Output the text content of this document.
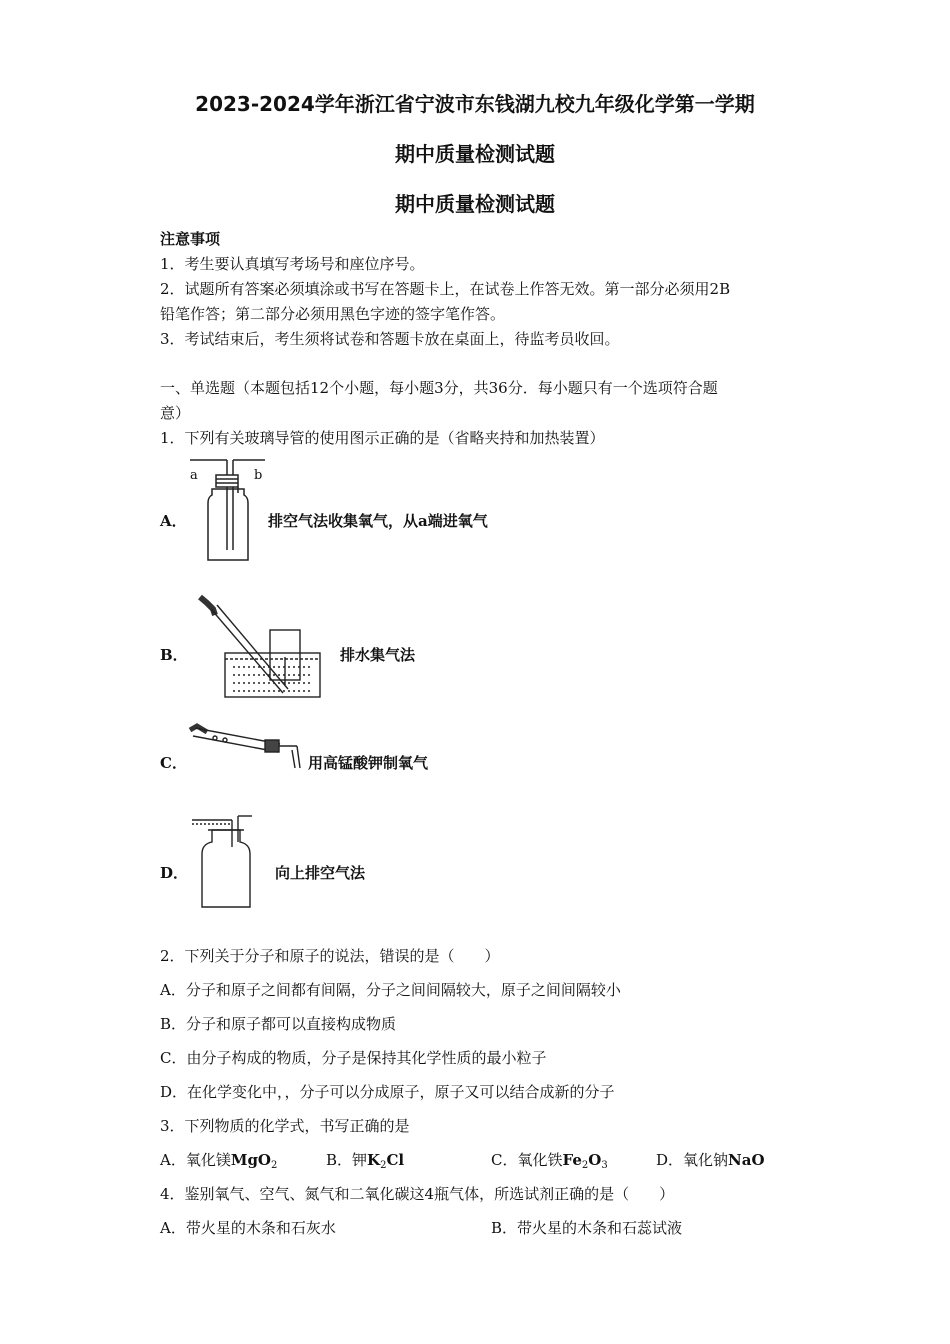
2023-2024学年浙江省宁波市东钱湖九校九年级化学第一学期
期中质量检测试题
期中质量检测试题
注意事项
1．考生要认真填写考场号和座位序号。
2．试题所有答案必须填涂或书写在答题卡上，在试卷上作答无效。第一部分必须用2B
铅笔作答；第二部分必须用黑色字迹的签字笔作答。
3．考试结束后，考生须将试卷和答题卡放在桌面上，待监考员收回。
一、单选题（本题包括12个小题，每小题3分，共36分．每小题只有一个选项符合题
意）
1．下列有关玻璃导管的使用图示正确的是（省略夹持和加热装置）
A．
a	b
排空气法收集氧气，从a端进氧气
B．	排水集气法
C．	用高锰酸钾制氧气
D．	向上排空气法
2．下列关于分子和原子的说法，错误的是（　　）
A．分子和原子之间都有间隔，分子之间间隔较大，原子之间间隔较小
B．分子和原子都可以直接构成物质
C．由分子构成的物质，分子是保持其化学性质的最小粒子
D．在化学变化中，，分子可以分成原子，原子又可以结合成新的分子
3．下列物质的化学式，书写正确的是
A．氧化镁MgO$_2$	B．钾$K_2Cl$	C．氧化铁$Fe_2O_3$	D．氧化钠NaO
4．鉴别氧气、空气、氮气和二氧化碳这4瓶气体，所选试剂正确的是（　　）
A．带火星的木条和石灰水	B．带火星的木条和石蕊试液
